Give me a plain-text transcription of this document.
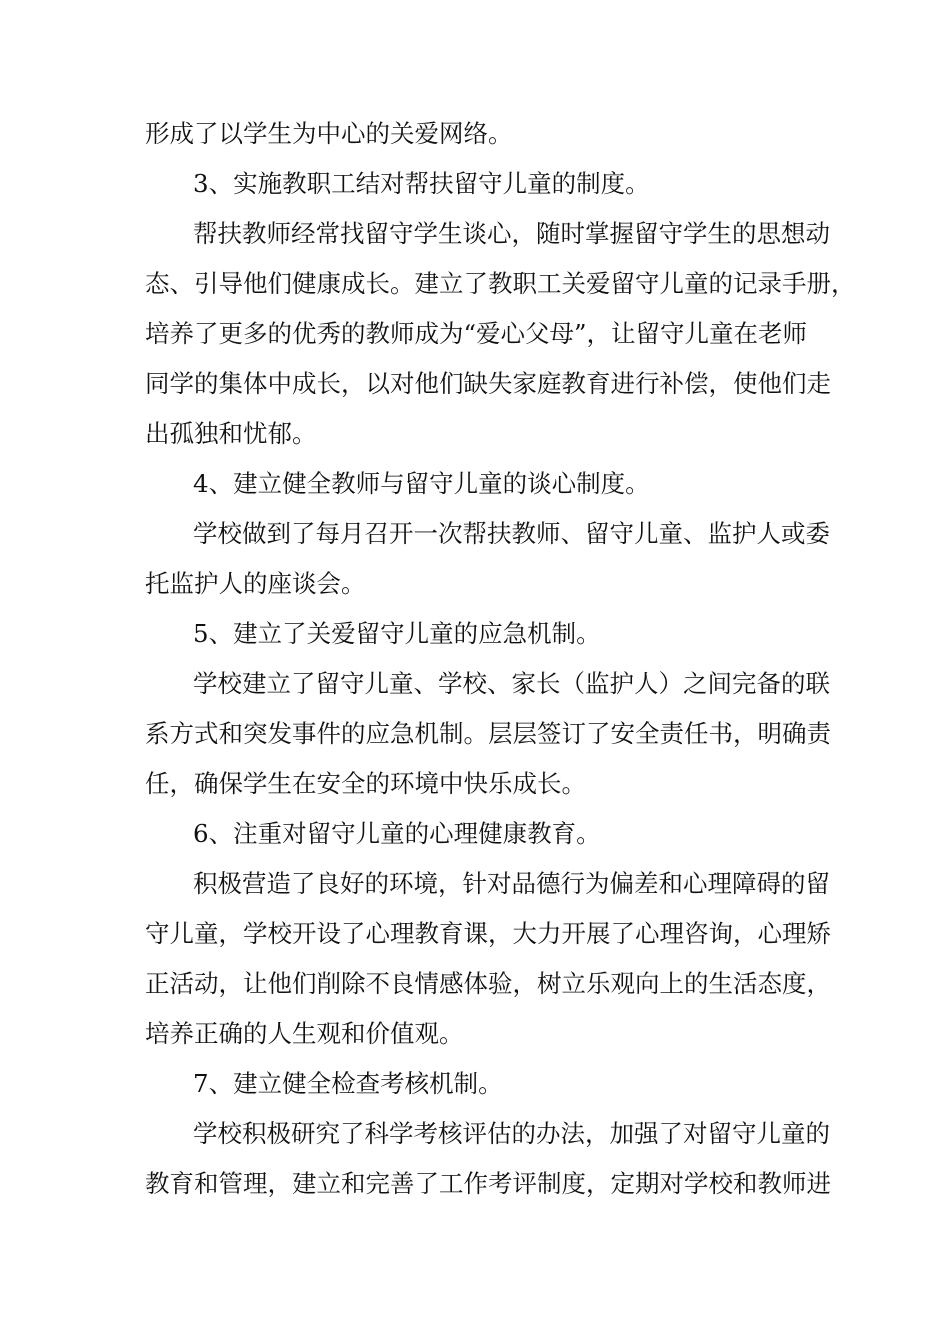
形成了以学生为中心的关爱网络。
3、实施教职工结对帮扶留守儿童的制度。
帮扶教师经常找留守学生谈心，随时掌握留守学生的思想动
态、引导他们健康成长。建立了教职工关爱留守儿童的记录手册，
培养了更多的优秀的教师成为“爱心父母”，让留守儿童在老师
同学的集体中成长，以对他们缺失家庭教育进行补偿，使他们走
出孤独和忧郁。
4、建立健全教师与留守儿童的谈心制度。
学校做到了每月召开一次帮扶教师、留守儿童、监护人或委
托监护人的座谈会。
5、建立了关爱留守儿童的应急机制。
学校建立了留守儿童、学校、家长（监护人）之间完备的联
系方式和突发事件的应急机制。层层签订了安全责任书，明确责
任，确保学生在安全的环境中快乐成长。
6、注重对留守儿童的心理健康教育。
积极营造了良好的环境，针对品德行为偏差和心理障碍的留
守儿童，学校开设了心理教育课，大力开展了心理咨询，心理矫
正活动，让他们削除不良情感体验，树立乐观向上的生活态度，
培养正确的人生观和价值观。
7、建立健全检查考核机制。
学校积极研究了科学考核评估的办法，加强了对留守儿童的
教育和管理，建立和完善了工作考评制度，定期对学校和教师进
